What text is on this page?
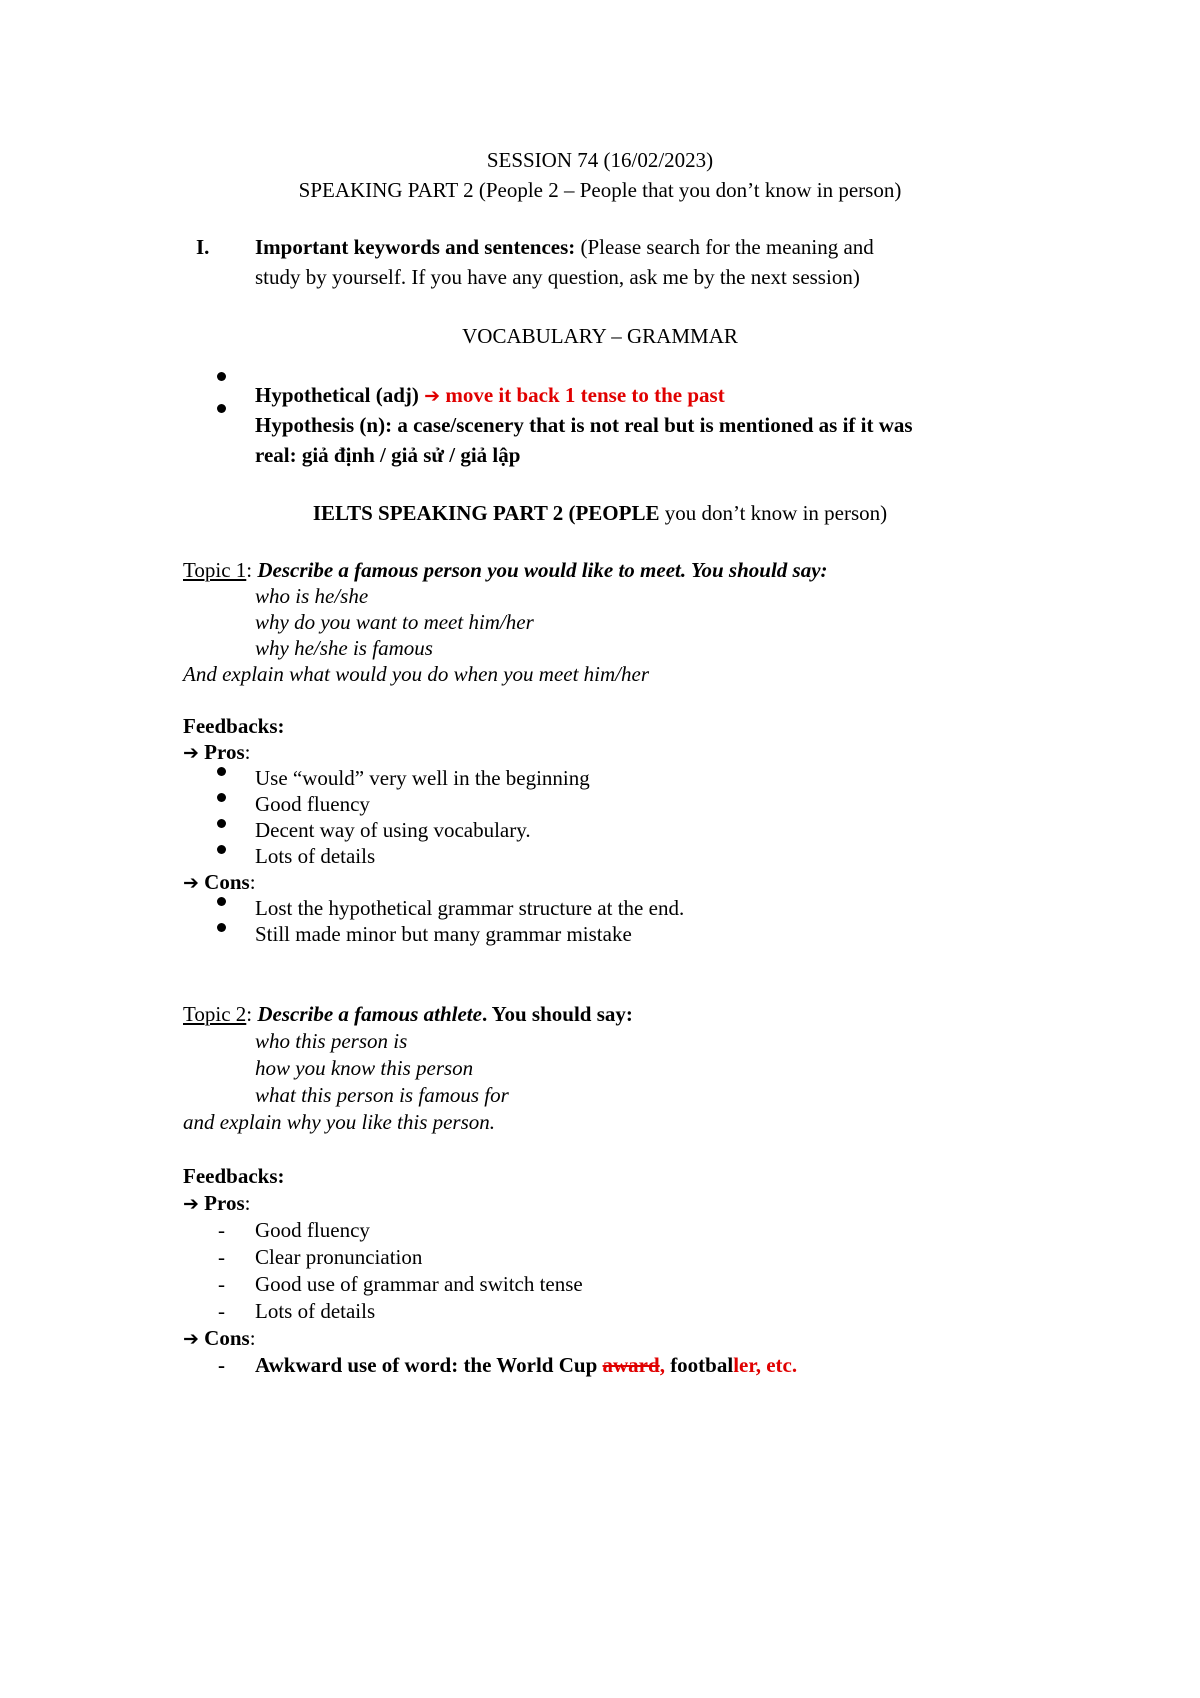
SESSION 74 (16/02/2023)
SPEAKING PART 2 (People 2 – People that you don’t know in person)
I. Important keywords and sentences: (Please search for the meaning and
study by yourself. If you have any question, ask me by the next session)
VOCABULARY – GRAMMAR
Hypothetical (adj) ➔ move it back 1 tense to the past
Hypothesis (n): a case/scenery that is not real but is mentioned as if it was
real: giả định / giả sử / giả lập
IELTS SPEAKING PART 2 (PEOPLE you don’t know in person)
Topic 1: Describe a famous person you would like to meet. You should say:
who is he/she
why do you want to meet him/her
why he/she is famous
And explain what would you do when you meet him/her
Feedbacks:
➔ Pros:
Use “would” very well in the beginning
Good fluency
Decent way of using vocabulary.
Lots of details
➔ Cons:
Lost the hypothetical grammar structure at the end.
Still made minor but many grammar mistake
Topic 2: Describe a famous athlete. You should say:
who this person is
how you know this person
what this person is famous for
and explain why you like this person.
Feedbacks:
➔ Pros:
- Good fluency
- Clear pronunciation
- Good use of grammar and switch tense
- Lots of details
➔ Cons:
- Awkward use of word: the World Cup award, footballer, etc.
